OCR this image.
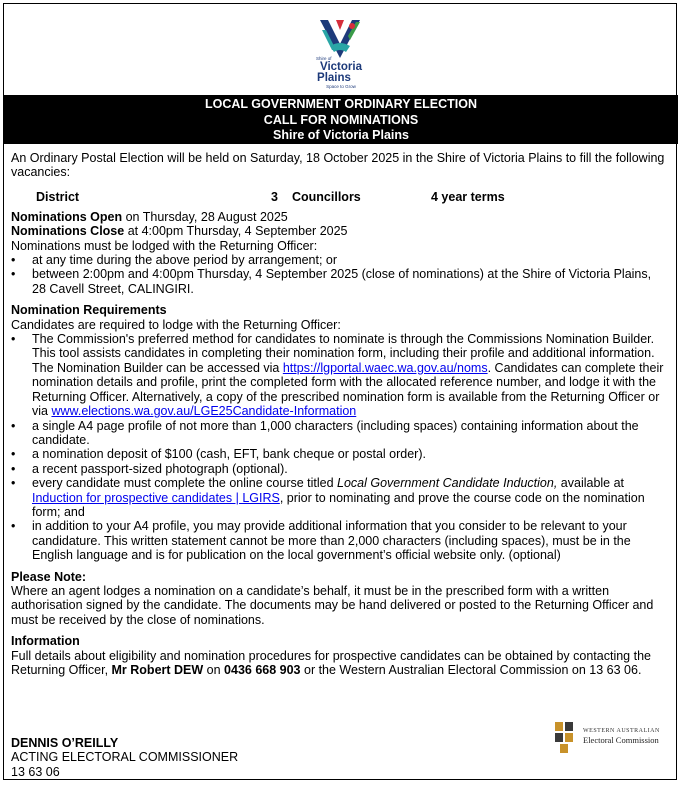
Shire of
Victoria
Plains
Space to Grow
LOCAL GOVERNMENT ORDINARY ELECTION
CALL FOR NOMINATIONS
Shire of Victoria Plains

An Ordinary Postal Election will be held on Saturday, 18 October 2025 in the Shire of Victoria Plains to fill the following vacancies:

District	3 Councillors	4 year terms

Nominations Open on Thursday, 28 August 2025

Nominations Close at 4:00pm Thursday, 4 September 2025

Nominations must be lodged with the Returning Officer:

• at any time during the above period by arrangement; or
• between 2:00pm and 4:00pm Thursday, 4 September 2025 (close of nominations) at the Shire of Victoria Plains, 28 Cavell Street, CALINGIRI.

Nomination Requirements

Candidates are required to lodge with the Returning Officer:

• The Commission's preferred method for candidates to nominate is through the Commissions Nomination Builder. This tool assists candidates in completing their nomination form, including their profile and additional information. The Nomination Builder can be accessed via https://lgportal.waec.wa.gov.au/noms. Candidates can complete their nomination details and profile, print the completed form with the allocated reference number, and lodge it with the Returning Officer. Alternatively, a copy of the prescribed nomination form is available from the Returning Officer or via www.elections.wa.gov.au/LGE25Candidate-Information
• a single A4 page profile of not more than 1,000 characters (including spaces) containing information about the candidate.
• a nomination deposit of $100 (cash, EFT, bank cheque or postal order).
• a recent passport-sized photograph (optional).
• every candidate must complete the online course titled Local Government Candidate Induction, available at
Induction for prospective candidates | LGIRS, prior to nominating and prove the course code on the nomination form; and
• in addition to your A4 profile, you may provide additional information that you consider to be relevant to your candidature. This written statement cannot be more than 2,000 characters (including spaces), must be in the English language and is for publication on the local government’s official website only. (optional)

Please Note:

Where an agent lodges a nomination on a candidate’s behalf, it must be in the prescribed form with a written authorisation signed by the candidate. The documents may be hand delivered or posted to the Returning Officer and must be received by the close of nominations.

Information

Full details about eligibility and nomination procedures for prospective candidates can be obtained by contacting the Returning Officer, Mr Robert DEW on 0436 668 903 or the Western Australian Electoral Commission on 13 63 06.

DENNIS O’REILLY

ACTING ELECTORAL COMMISSIONER

13 63 06

WESTERN AUSTRALIAN
Electoral Commission
